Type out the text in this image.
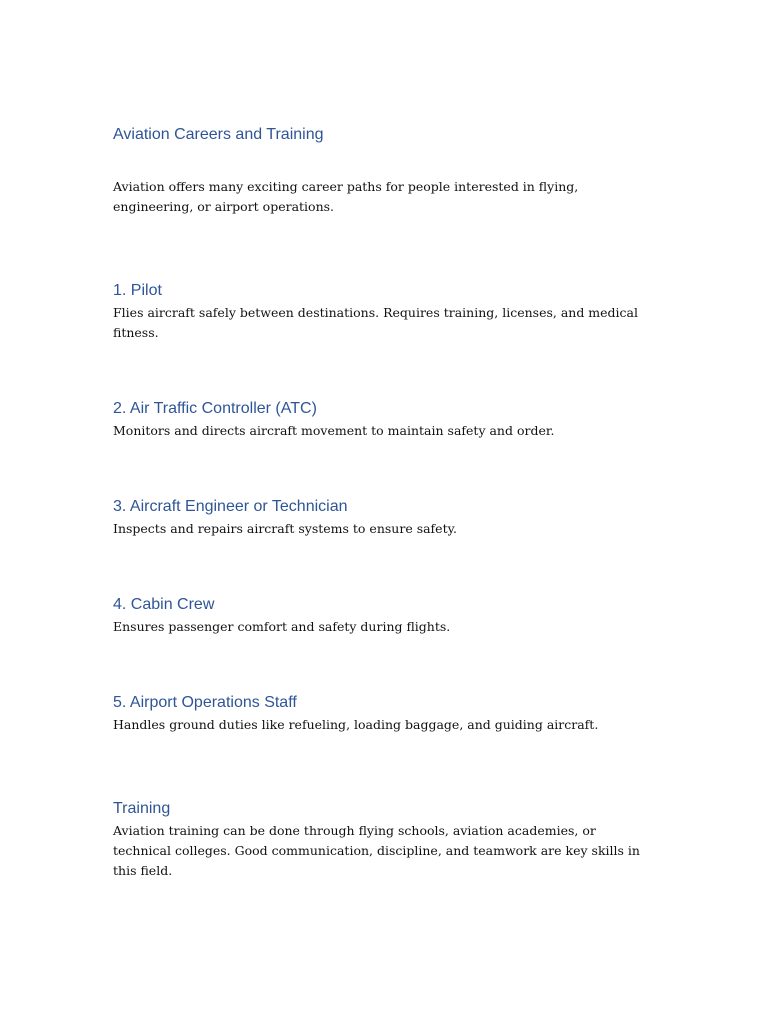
Aviation Careers and Training

Aviation offers many exciting career paths for people interested in flying, engineering, or airport operations.

1. Pilot

Flies aircraft safely between destinations. Requires training, licenses, and medical fitness.

2. Air Traffic Controller (ATC)

Monitors and directs aircraft movement to maintain safety and order.

3. Aircraft Engineer or Technician

Inspects and repairs aircraft systems to ensure safety.

4. Cabin Crew

Ensures passenger comfort and safety during flights.

5. Airport Operations Staff

Handles ground duties like refueling, loading baggage, and guiding aircraft.

Training

Aviation training can be done through flying schools, aviation academies, or technical colleges. Good communication, discipline, and teamwork are key skills in this field.
